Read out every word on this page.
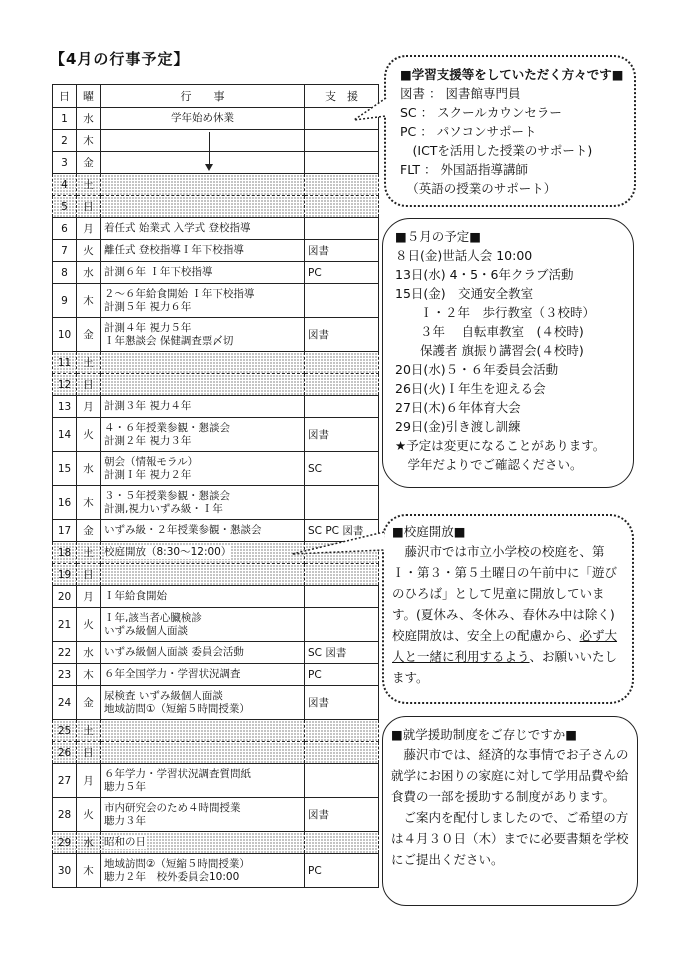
【4月の行事予定】
日	曜	行　　事	支　援
1	水	学年始め休業	

2	木	

3	金	

4	土	

5	日	

6	月	着任式 始業式 入学式 登校指導	

7	火	離任式 登校指導Ｉ年下校指導	図書
8	水	計測６年 Ｉ年下校指導	PC
9	木	２〜６年給食開始 Ｉ年下校指導
計測５年 視力６年	

10	金	計測４年 視力５年
Ｉ年懇談会 保健調査票〆切	図書
11	土	

12	日	

13	月	計測３年 視力４年	

14	火	４・６年授業参観・懇談会
計測２年 視力３年	図書
15	水	朝会（情報モラル）
計測Ｉ年 視力２年	SC
16	木	３・５年授業参観・懇談会
計測,視力いずみ級・Ｉ年	

17	金	いずみ級・２年授業参観・懇談会	SC PC 図書
18	土	校庭開放（8:30〜12:00）	
19	日	

20	月	Ｉ年給食開始	

21	火	Ｉ年,該当者心臓検診
いずみ級個人面談	

22	水	いずみ級個人面談 委員会活動	SC 図書
23	木	６年全国学力・学習状況調査	PC
24	金	尿検査 いずみ級個人面談
地域訪問①（短縮５時間授業）	図書
25	土	

26	日	

27	月	６年学力・学習状況調査質問紙
聴力５年	

28	火	市内研究会のため４時間授業
聴力３年	図書
29	水	昭和の日	
30	木	地域訪問②（短縮５時間授業）
聴力２年　校外委員会10:00	PC
■学習支援等をしていただく方々です■
図書 ： 図書館専門員
SC ： スクールカウンセラー
PC ： パソコンサポート
　(ICTを活用した授業のサポート)
FLT ： 外国語指導講師
　（英語の授業のサポート）
■５月の予定■
８日(金)世話人会 10:00
13日(水) 4・5・6年クラブ活動
15日(金)　交通安全教室
　　Ｉ・２年　歩行教室（３校時）
　　３年　 自転車教室　(４校時)
　　保護者 旗振り講習会(４校時)
20日(水)５・６年委員会活動
26日(火)Ｉ年生を迎える会
27日(木)６年体育大会
29日(金)引き渡し訓練
★予定は変更になることがあります。
　学年だよりでご確認ください。
■校庭開放■
　藤沢市では市立小学校の校庭を、第Ｉ・第３・第５土曜日の午前中に「遊びのひろば」として児童に開放しています。(夏休み、冬休み、春休み中は除く)　校庭開放は、安全上の配慮から、必ず大人と一緒に利用するよう、お願いいたします。
■就学援助制度をご存じですか■
　藤沢市では、経済的な事情でお子さんの就学にお困りの家庭に対して学用品費や給食費の一部を援助する制度があります。
　ご案内を配付しましたので、ご希望の方は４月３０日（木）までに必要書類を学校にご提出ください。
